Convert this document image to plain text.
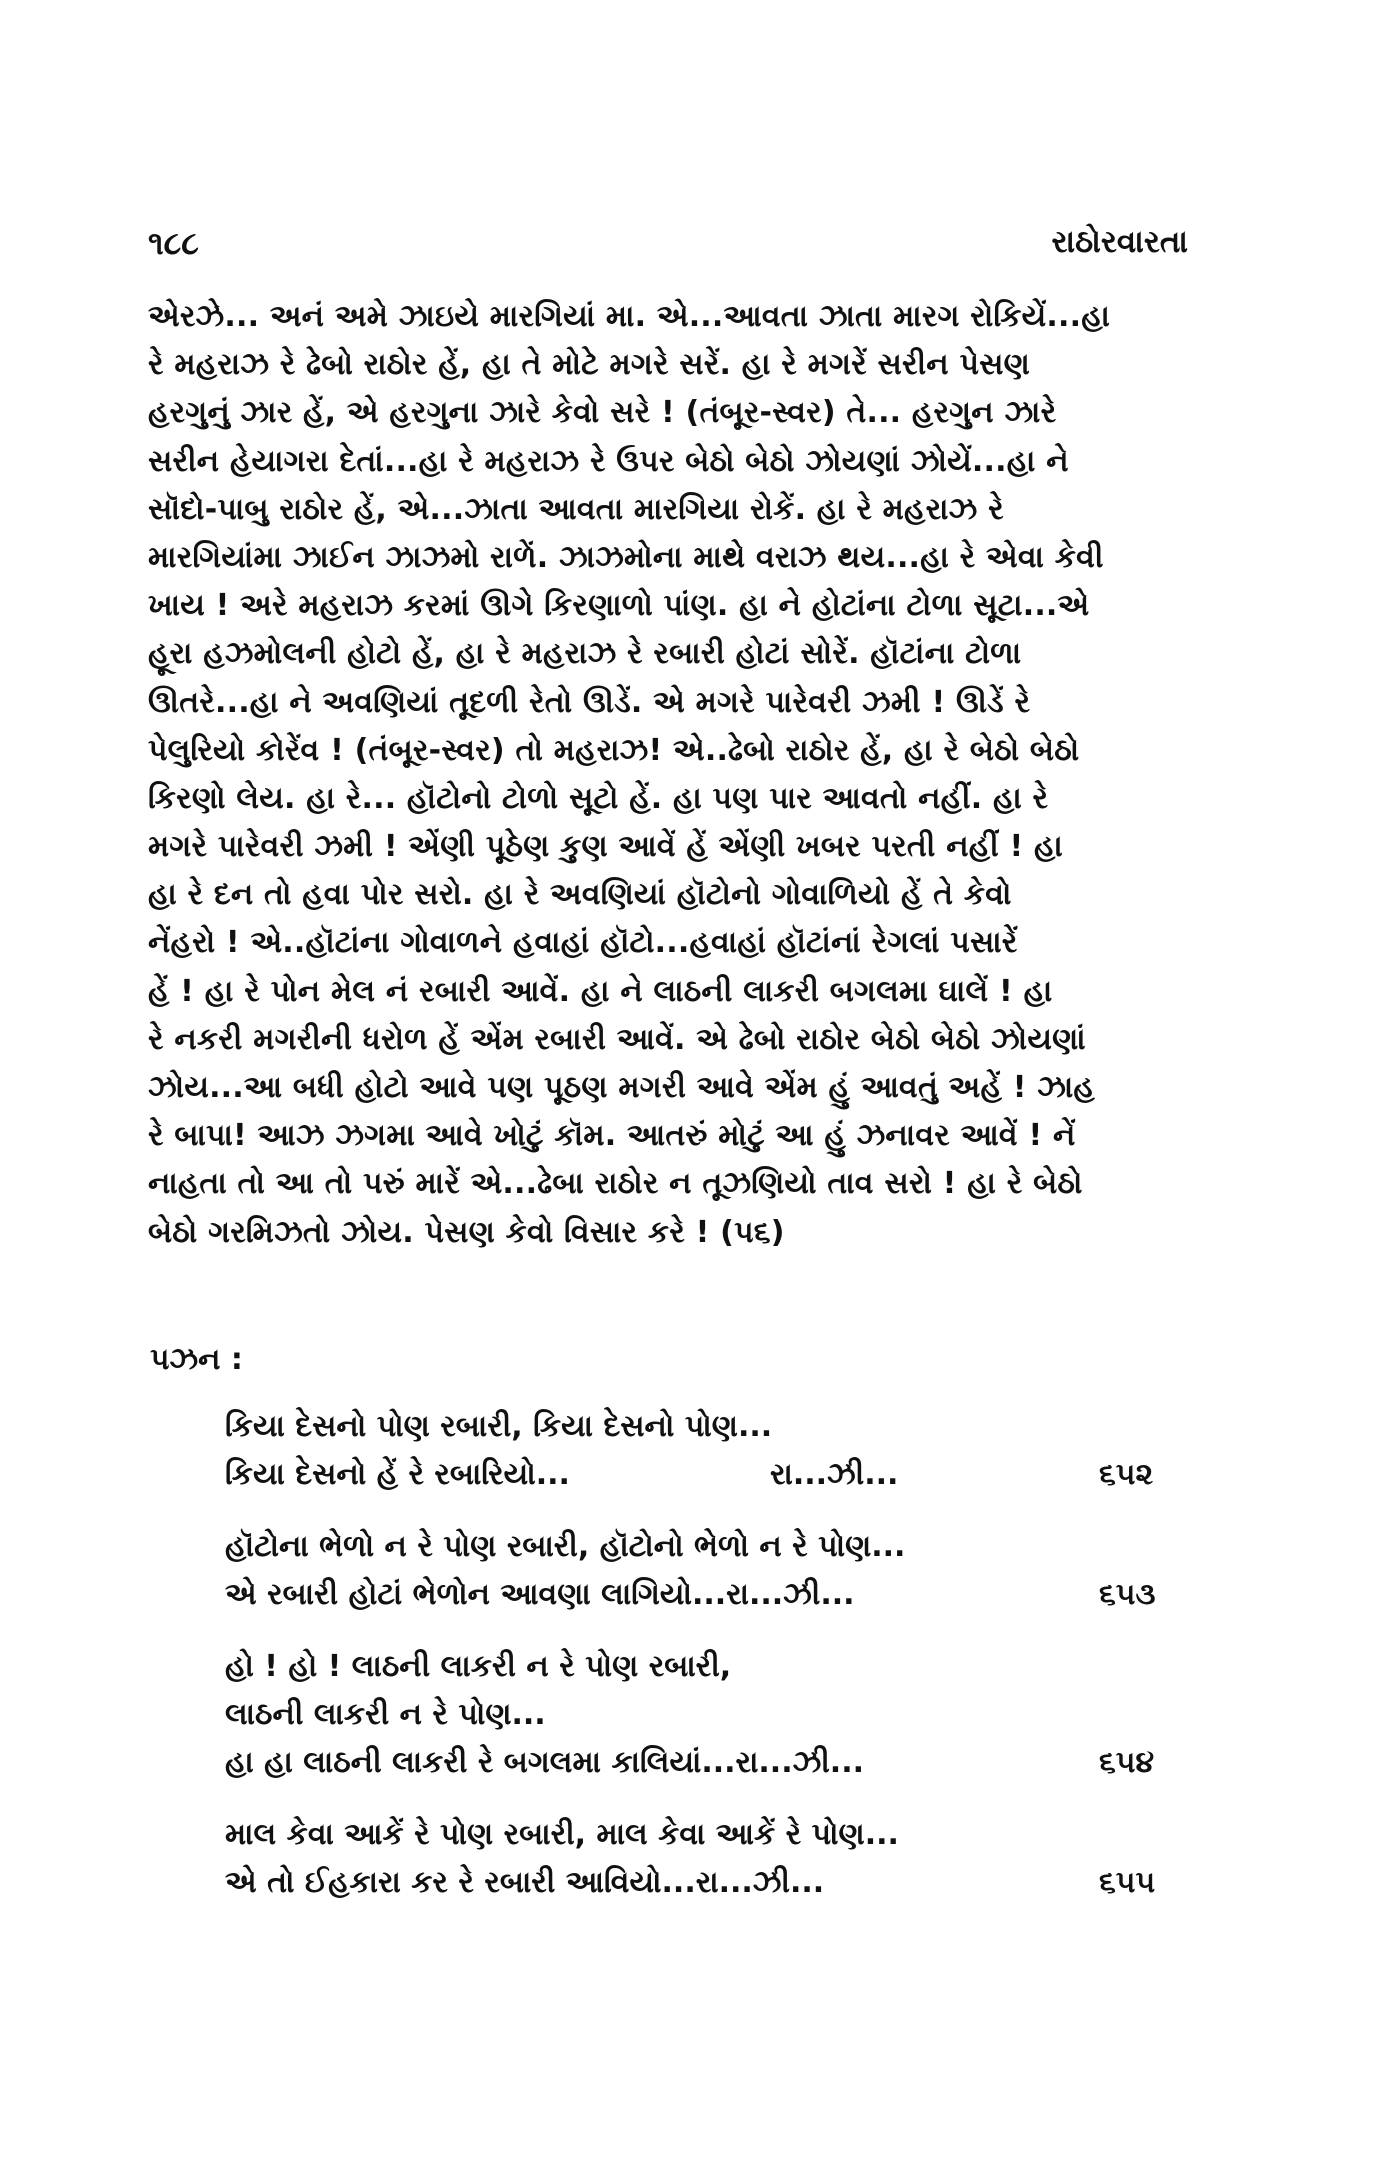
૧૮૮	રાઠોરવારતા
એરઝે... અનં અમે ઝાઇયે મારગિયાં મા. એ...આવતા ઝાતા મારગ રોકિયેં...હા
રે મહરાઝ રે ઢેબો રાઠોર હેં, હા તે મોટે મગરે સરેં. હા રે મગરેં સરીન પેસણ
હરગુનું ઝાર હેં, એ હરગુના ઝારે કેવો સરે ! (તંબૂર-સ્વર) તે... હરગુન ઝારે
સરીન હેયાગરા દેતાં...હા રે મહરાઝ રે ઉપર બેઠો બેઠો ઝોયણાં ઝોયેં...હા ને
સૉદો-પાબુ રાઠોર હેં, એ...ઝાતા આવતા મારગિયા રોકેં. હા રે મહરાઝ રે
મારગિયાંમા ઝાઈન ઝાઝમો રાળેં. ઝાઝમોના માથે વરાઝ થય...હા રે એવા કેવી
ખાય ! અરે મહરાઝ કરમાં ઊગે કિરણાળો પાંણ. હા ને હોટાંના ટોળા સૂટા...એ
હૂરા હઝમોલની હોટો હેં, હા રે મહરાઝ રે રબારી હોટાં સોરેં. હૉટાંના ટોળા
ઊતરે...હા ને અવણિયાં તૂદળી રેતો ઊડેં. એ મગરે પારેવરી ઝમી ! ઊડેં રે
પેલુરિયો કોરેંવ ! (તંબૂર-સ્વર) તો મહરાઝ! એ..ઢેબો રાઠોર હેં, હા રે બેઠો બેઠો
કિરણો લેય. હા રે... હૉટોનો ટોળો સૂટો હેં. હા પણ પાર આવતો નહીં. હા રે
મગરે પારેવરી ઝમી ! એંણી પૂઠેણ કુણ આવેં હેં એંણી ખબર પરતી નહીં ! હા
હા રે દન તો હવા પોર સરો. હા રે અવણિયાં હૉટોનો ગોવાળિયો હેં તે કેવો
નેંહરો ! એ..હૉટાંના ગોવાળને હવાહાં હૉટો...હવાહાં હૉટાંનાં રેગલાં પસારેં
હેં ! હા રે પોન મેલ નં રબારી આવેં. હા ને લાઠની લાકરી બગલમા ઘાલેં ! હા
રે નકરી મગરીની ધરોળ હેં એંમ રબારી આવેં. એ ઢેબો રાઠોર બેઠો બેઠો ઝોયણાં
ઝોય...આ બધી હોટો આવે પણ પૂઠણ મગરી આવે એંમ હું આવતું અહેં ! ઝાહ
રે બાપા! આઝ ઝગમા આવે ખોટું કૉમ. આતરું મોટું આ હું ઝનાવર આવેં ! નેં
નાહતા તો આ તો પરું મારેં એ...ઢેબા રાઠોર ન તૂઝણિયો તાવ સરો ! હા રે બેઠો
બેઠો ગરમિઝતો ઝોય. પેસણ કેવો વિસાર કરે ! (પ૬)
પઝન :
કિયા દેસનો પોણ રબારી, કિયા દેસનો પોણ...
કિયા દેસનો હેં રે રબારિયો...	રા...ઝી...	૬૫૨
હૉટોના ભેળો ન રે પોણ રબારી, હૉટોનો ભેળો ન રે પોણ...
એ રબારી હોટાં ભેળોન આવણા લાગિયો...રા...ઝી...	૬૫૩
હો ! હો ! લાઠની લાકરી ન રે પોણ રબારી,
લાઠની લાકરી ન રે પોણ...
હા હા લાઠની લાકરી રે બગલમા કાલિયાં...રા...ઝી...	૬૫૪
માલ કેવા આકેં રે પોણ રબારી, માલ કેવા આકેં રે પોણ...
એ તો ઈહકારા કર રે રબારી આવિયો...રા...ઝી...	૬૫૫
